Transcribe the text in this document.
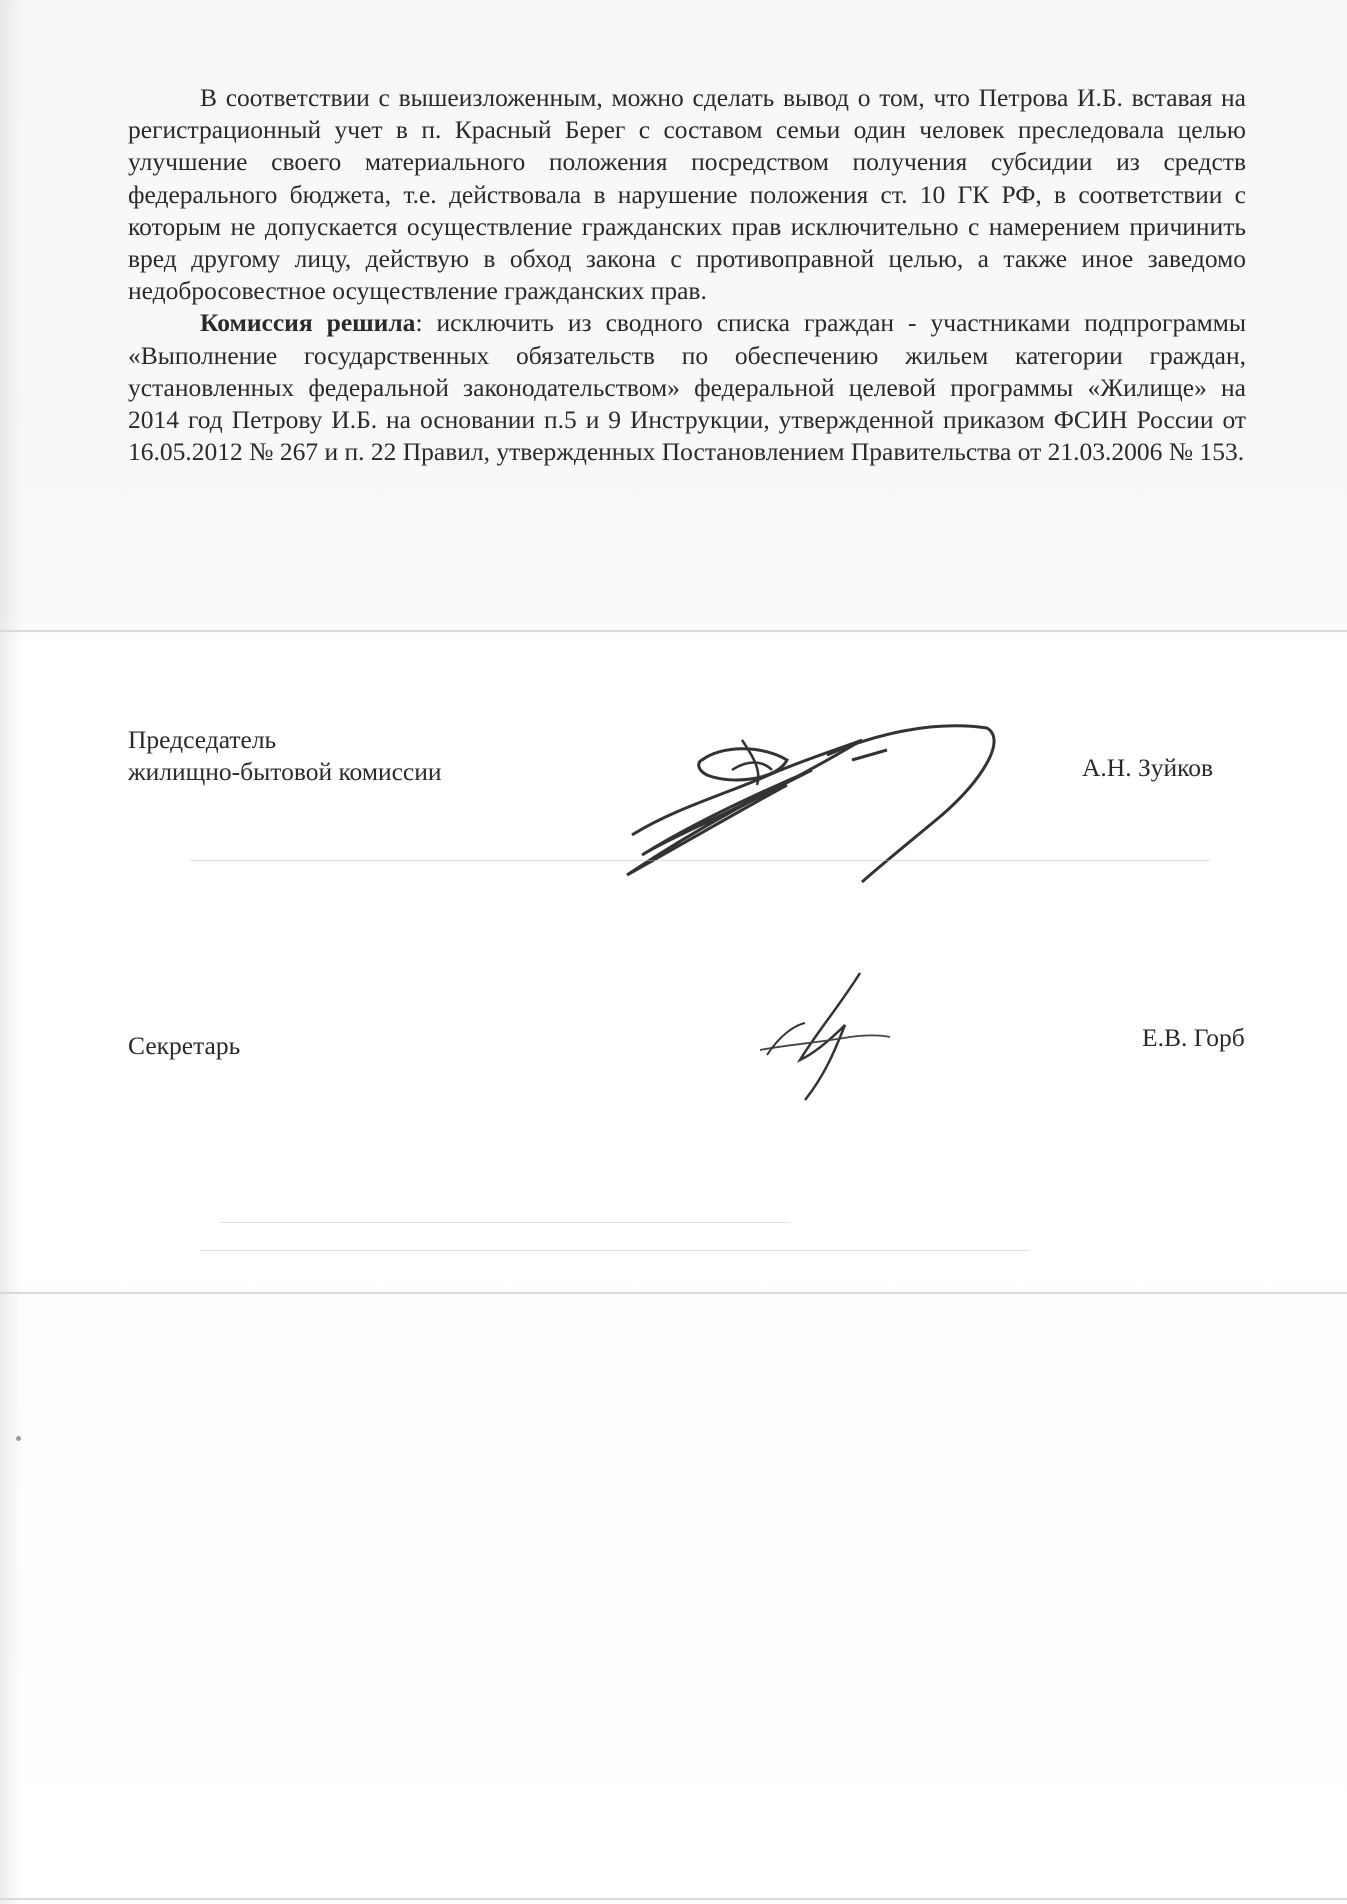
В соответствии с вышеизложенным, можно сделать вывод о том, что Петрова И.Б. вставая на регистрационный учет в п. Красный Берег с составом семьи один человек преследовала целью улучшение своего материального положения посредством получения субсидии из средств федерального бюджета, т.е. действовала в нарушение положения ст. 10 ГК РФ, в соответствии с которым не допускается осуществление гражданских прав исключительно с намерением причинить вред другому лицу, действую в обход закона с противоправной целью, а также иное заведомо недобросовестное осуществление гражданских прав.

Комиссия решила: исключить из сводного списка граждан - участниками подпрограммы «Выполнение государственных обязательств по обеспечению жильем категории граждан, установленных федеральной законодательством» федеральной целевой программы «Жилище» на 2014 год Петрову И.Б. на основании п.5 и 9 Инструкции, утвержденной приказом ФСИН России от 16.05.2012 № 267 и п. 22 Правил, утвержденных Постановлением Правительства от 21.03.2006 № 153.

Председатель
жилищно-бытовой комиссии	А.Н. Зуйков
Секретарь	Е.В. Горб
